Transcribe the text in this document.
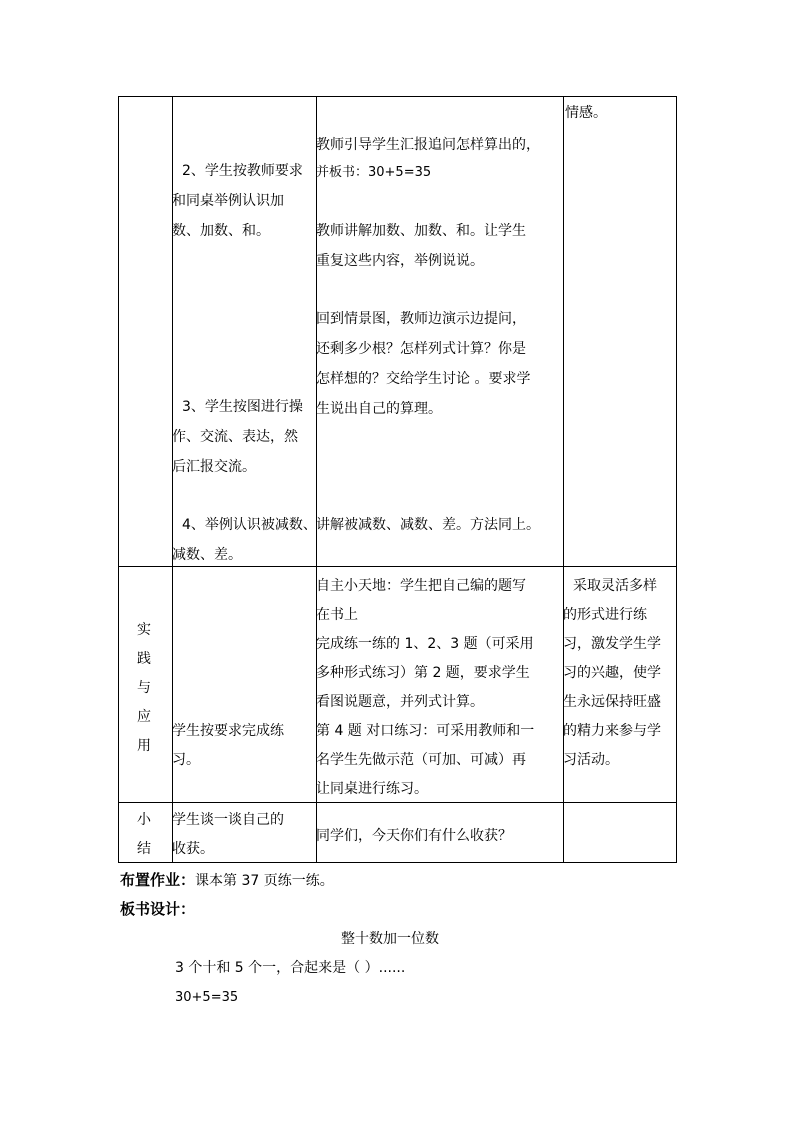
2、学生按教师要求
和同桌举例认识加
数、加数、和。
3、学生按图进行操
作、交流、表达，然
后汇报交流。
4、举例认识被减数、
减数、差。
教师引导学生汇报追问怎样算出的，
并板书：30+5=35
教师讲解加数、加数、和。让学生
重复这些内容，举例说说。
回到情景图，教师边演示边提问，
还剩多少根？怎样列式计算？你是
怎样想的？交给学生讨论 。要求学
生说出自己的算理。
讲解被减数、减数、差。方法同上。
情感。
实
践
与
应
用
学生按要求完成练
习。
自主小天地：学生把自己编的题写
在书上
完成练一练的 1、2、3 题（可采用
多种形式练习）第 2 题，要求学生
看图说题意，并列式计算。
第 4 题 对口练习：可采用教师和一
名学生先做示范（可加、可减）再
让同桌进行练习。
采取灵活多样
的形式进行练
习，激发学生学
习的兴趣，使学
生永远保持旺盛
的精力来参与学
习活动。
小
结
学生谈一谈自己的
收获。
同学们，今天你们有什么收获？
布置作业：课本第 37 页练一练。
板书设计：
整十数加一位数
3 个十和 5 个一，合起来是（ ）......
30+5=35
